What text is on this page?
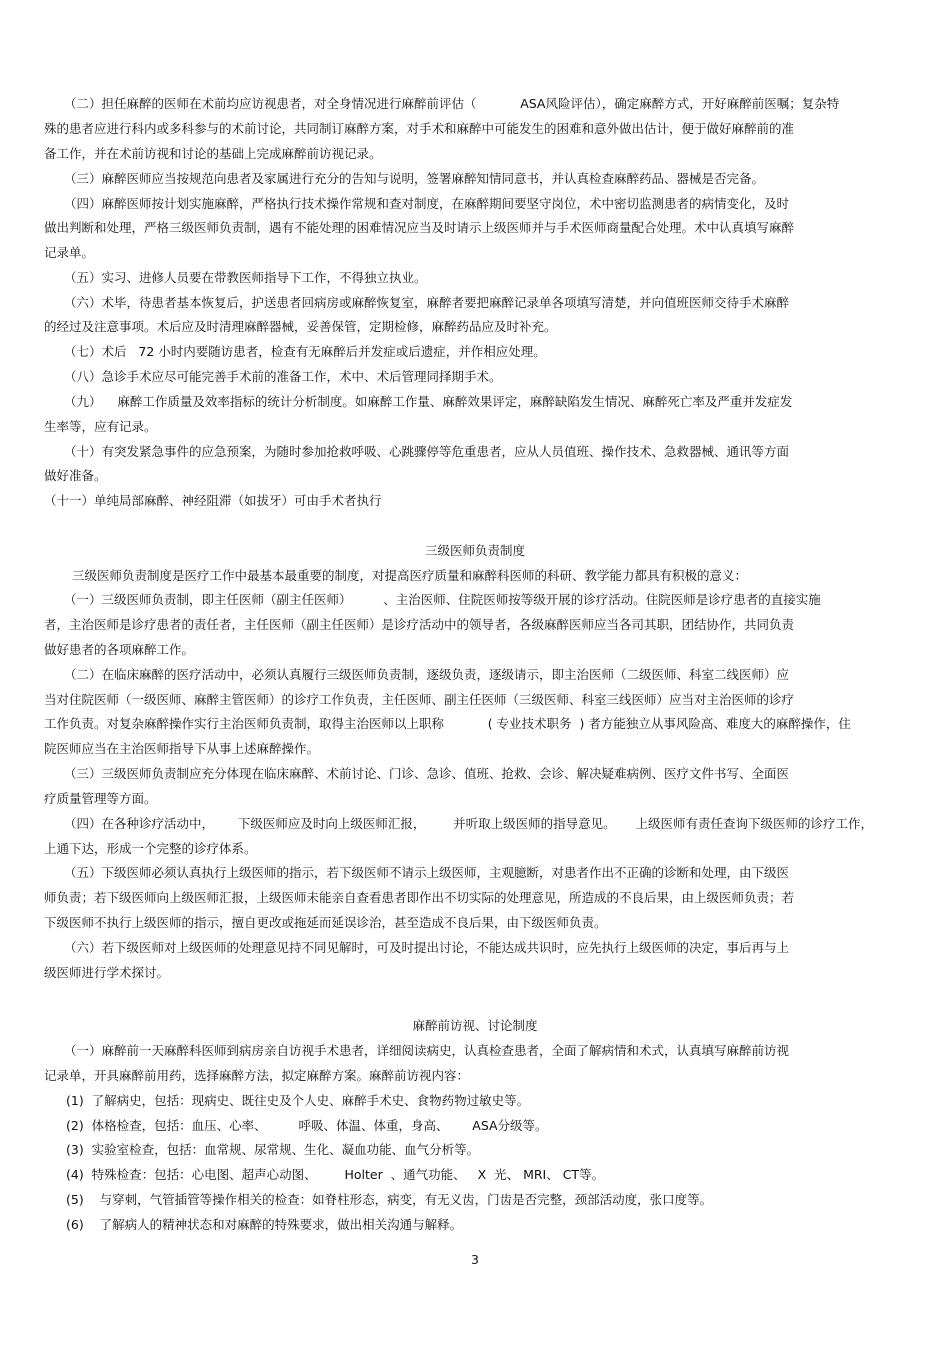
（二）担任麻醉的医师在术前均应访视患者，对全身情况进行麻醉前评估（           ASA风险评估），确定麻醉方式，开好麻醉前医嘱；复杂特
殊的患者应进行科内或多科参与的术前讨论，共同制订麻醉方案，对手术和麻醉中可能发生的困难和意外做出估计，便于做好麻醉前的准
备工作，并在术前访视和讨论的基础上完成麻醉前访视记录。
（三）麻醉医师应当按规范向患者及家属进行充分的告知与说明，签署麻醉知情同意书，并认真检查麻醉药品、器械是否完备。
（四）麻醉医师按计划实施麻醉，严格执行技术操作常规和查对制度，在麻醉期间要坚守岗位，术中密切监测患者的病情变化，及时
做出判断和处理，严格三级医师负责制，遇有不能处理的困难情况应当及时请示上级医师并与手术医师商量配合处理。术中认真填写麻醉
记录单。
（五）实习、进修人员要在带教医师指导下工作，不得独立执业。
（六）术毕，待患者基本恢复后，护送患者回病房或麻醉恢复室，麻醉者要把麻醉记录单各项填写清楚，并向值班医师交待手术麻醉
的经过及注意事项。术后应及时清理麻醉器械，妥善保管，定期检修，麻醉药品应及时补充。
（七）术后   72 小时内要随访患者，检查有无麻醉后并发症或后遗症，并作相应处理。
（八）急诊手术应尽可能完善手术前的准备工作，术中、术后管理同择期手术。
（九）    麻醉工作质量及效率指标的统计分析制度。如麻醉工作量、麻醉效果评定，麻醉缺陷发生情况、麻醉死亡率及严重并发症发
生率等，应有记录。
（十）有突发紧急事件的应急预案，为随时参加抢救呼吸、心跳骤停等危重患者，应从人员值班、操作技术、急救器械、通讯等方面
做好准备。
（十一）单纯局部麻醉、神经阻滞（如拔牙）可由手术者执行
三级医师负责制度
三级医师负责制度是医疗工作中最基本最重要的制度，对提高医疗质量和麻醉科医师的科研、教学能力都具有积极的意义：
（一）三级医师负责制，即主任医师（副主任医师）        、主治医师、住院医师按等级开展的诊疗活动。住院医师是诊疗患者的直接实施
者，主治医师是诊疗患者的责任者，主任医师（副主任医师）是诊疗活动中的领导者，各级麻醉医师应当各司其职，团结协作，共同负责
做好患者的各项麻醉工作。
（二）在临床麻醉的医疗活动中，必须认真履行三级医师负责制，逐级负责，逐级请示，即主治医师（二级医师、科室二线医师）应
当对住院医师（一级医师、麻醉主管医师）的诊疗工作负责，主任医师、副主任医师（三级医师、科室三线医师）应当对主治医师的诊疗
工作负责。对复杂麻醉操作实行主治医师负责制，取得主治医师以上职称           ( 专业技术职务  ) 者方能独立从事风险高、难度大的麻醉操作，住
院医师应当在主治医师指导下从事上述麻醉操作。
（三）三级医师负责制应充分体现在临床麻醉、术前讨论、门诊、急诊、值班、抢救、会诊、解决疑难病例、医疗文件书写、全面医
疗质量管理等方面。
（四）在各种诊疗活动中，      下级医师应及时向上级医师汇报，       并听取上级医师的指导意见。     上级医师有责任查询下级医师的诊疗工作，
上通下达，形成一个完整的诊疗体系。
（五）下级医师必须认真执行上级医师的指示，若下级医师不请示上级医师，主观臆断，对患者作出不正确的诊断和处理，由下级医
师负责；若下级医师向上级医师汇报，上级医师未能亲自查看患者即作出不切实际的处理意见，所造成的不良后果，由上级医师负责；若
下级医师不执行上级医师的指示，擅自更改或拖延而延误诊治，甚至造成不良后果，由下级医师负责。
（六）若下级医师对上级医师的处理意见持不同见解时，可及时提出讨论，不能达成共识时，应先执行上级医师的决定，事后再与上
级医师进行学术探讨。
麻醉前访视、讨论制度
（一）麻醉前一天麻醉科医师到病房亲自访视手术患者，详细阅读病史，认真检查患者，全面了解病情和术式，认真填写麻醉前访视
记录单，开具麻醉前用药，选择麻醉方法，拟定麻醉方案。麻醉前访视内容：
(1)  了解病史，包括：现病史、既往史及个人史、麻醉手术史、食物药物过敏史等。
(2)  体格检查，包括：血压、心率、        呼吸、体温、体重，身高、      ASA分级等。
(3)  实验室检查，包括：血常规、尿常规、生化、凝血功能、血气分析等。
(4)  特殊检查：包括：心电图、超声心动图、       Holter  、通气功能、   X  光、 MRI、 CT等。
(5)    与穿刺，气管插管等操作相关的检查：如脊柱形态，病变，有无义齿，门齿是否完整，颈部活动度，张口度等。
(6)    了解病人的精神状态和对麻醉的特殊要求，做出相关沟通与解释。
3
